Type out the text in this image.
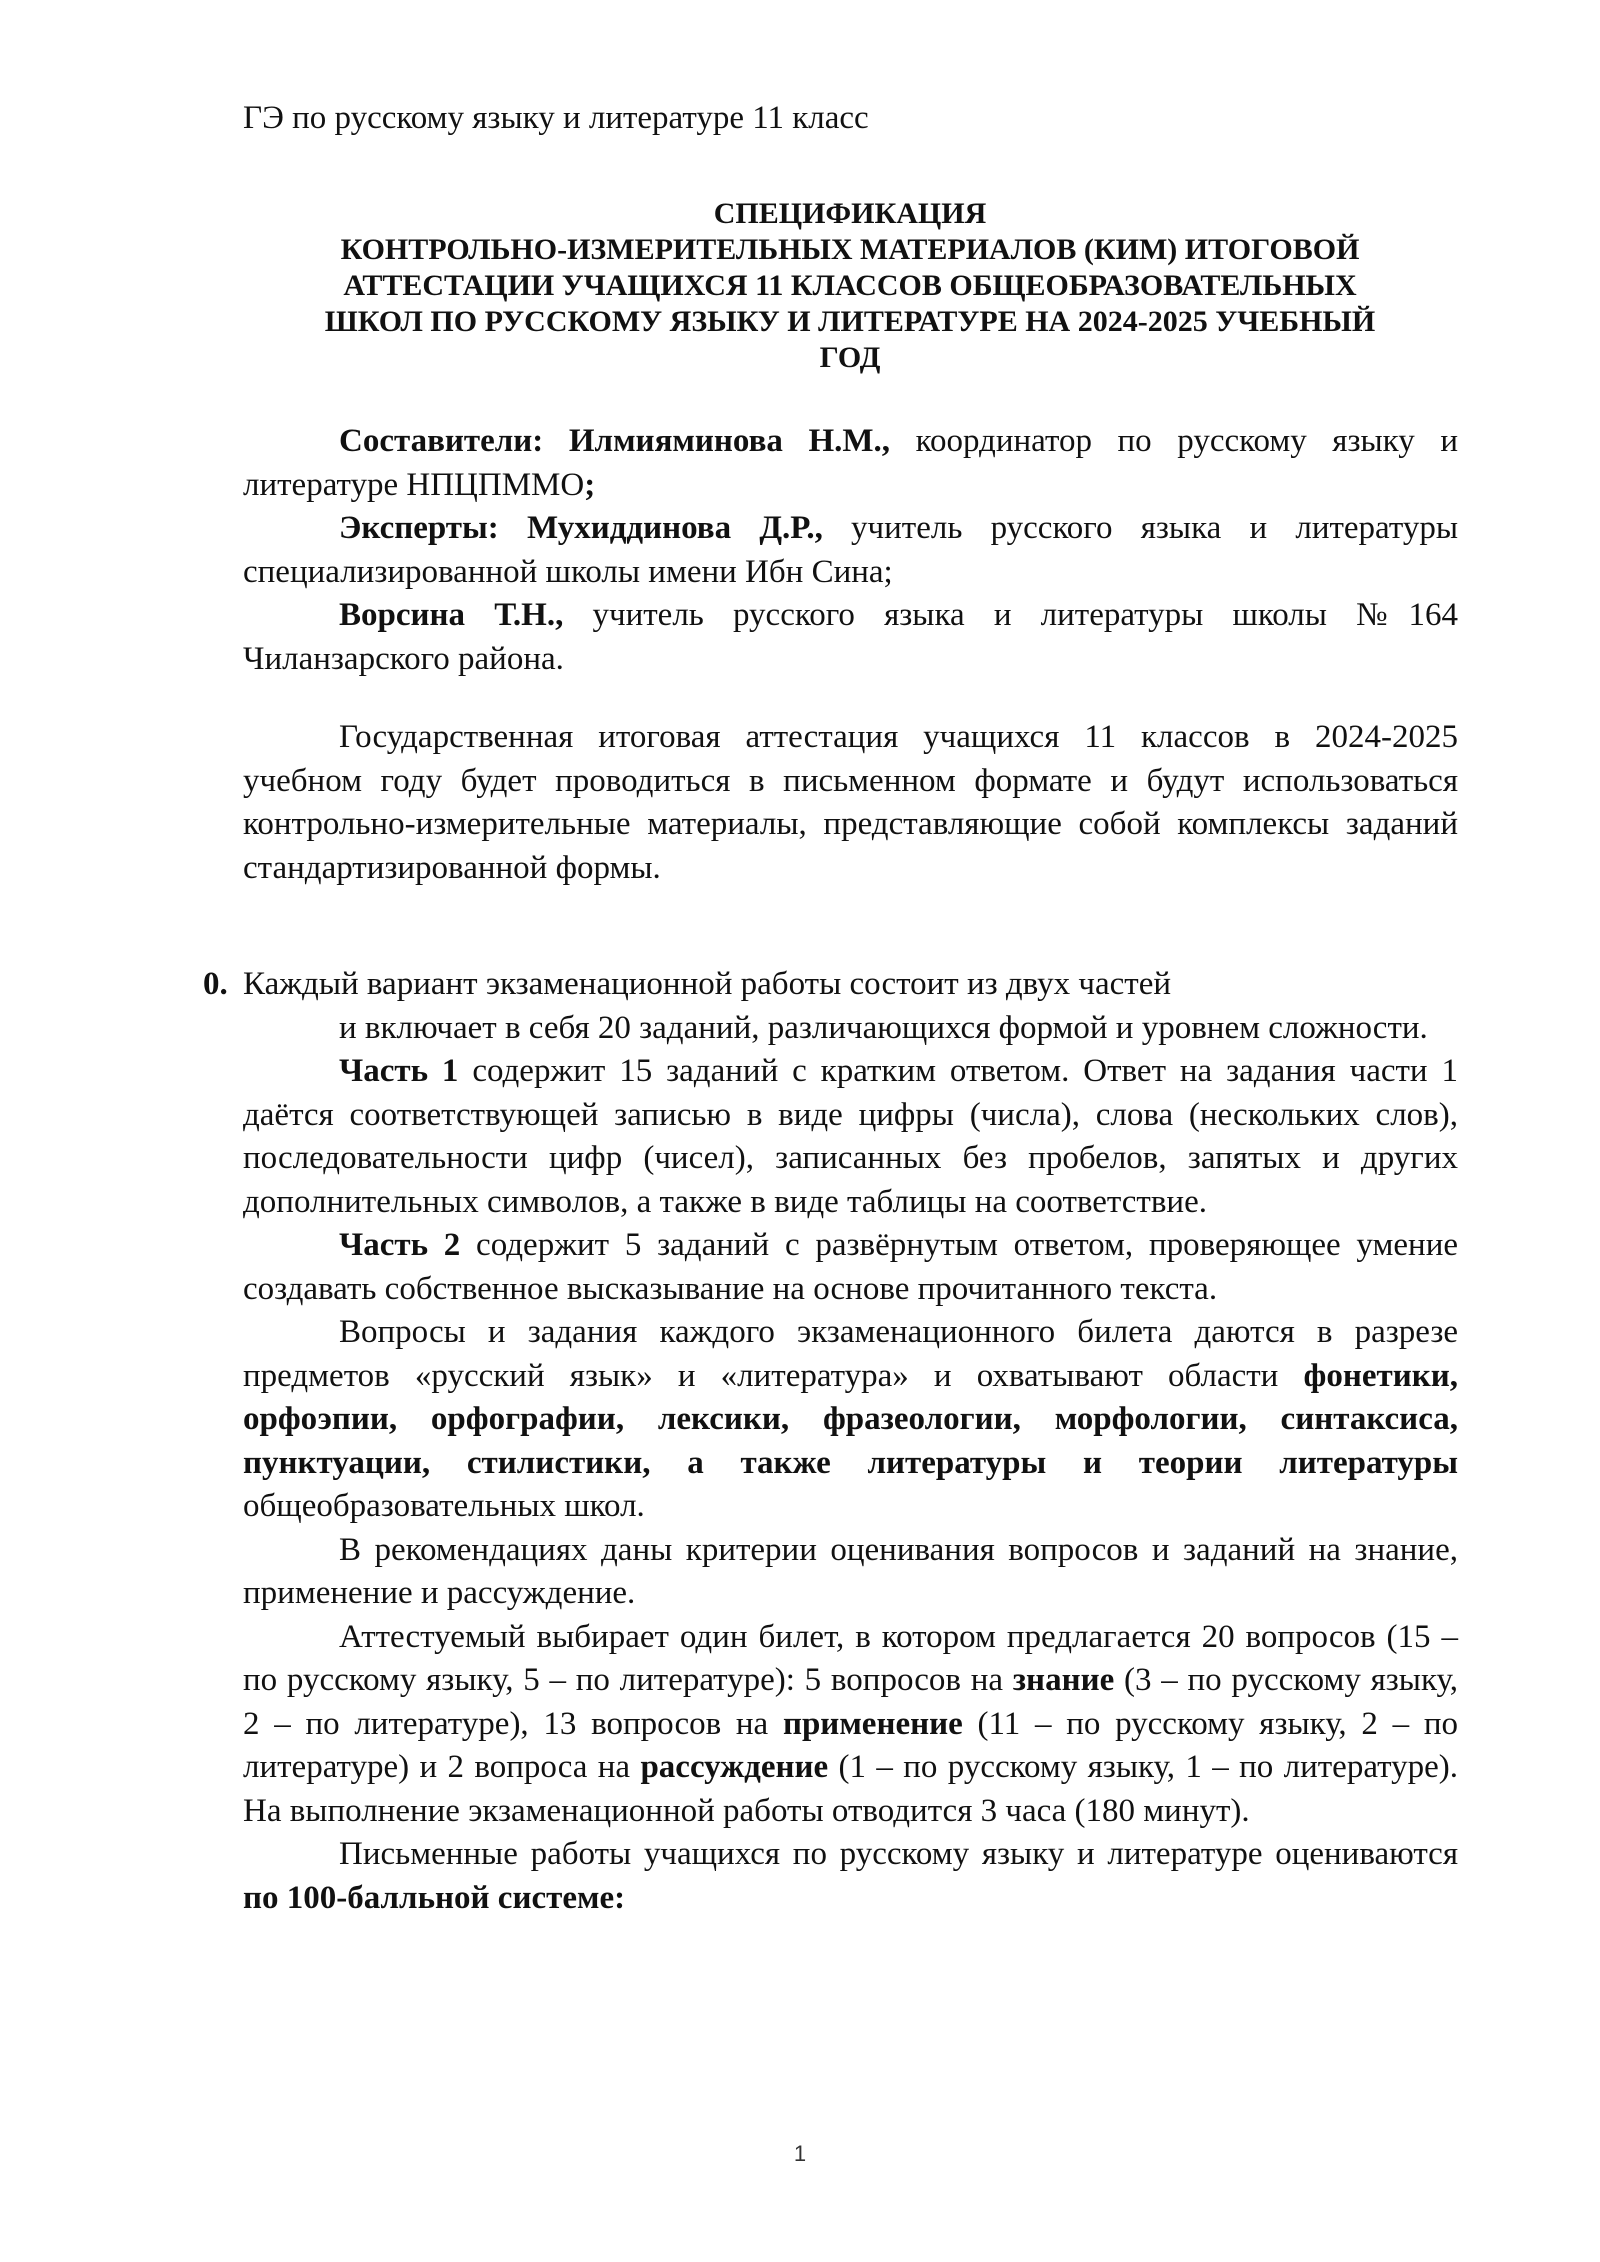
ГЭ по русскому языку и литературе 11 класс
СПЕЦИФИКАЦИЯ
КОНТРОЛЬНО-ИЗМЕРИТЕЛЬНЫХ МАТЕРИАЛОВ (КИМ) ИТОГОВОЙ
АТТЕСТАЦИИ УЧАЩИХСЯ 11 КЛАССОВ ОБЩЕОБРАЗОВАТЕЛЬНЫХ
ШКОЛ ПО РУССКОМУ ЯЗЫКУ И ЛИТЕРАТУРЕ НА 2024-2025 УЧЕБНЫЙ
ГОД

Составители: Илмияминова Н.М., координатор по русскому языку и литературе НПЦПММО;

Эксперты: Мухиддинова Д.Р., учитель русского языка и литературы специализированной школы имени Ибн Сина;

Ворсина Т.Н., учитель русского языка и литературы школы №164 Чиланзарского района.

Государственная итоговая аттестация учащихся 11 классов в 2024-2025 учебном году будет проводиться в письменном формате и будут использоваться контрольно-измерительные материалы, представляющие собой комплексы заданий стандартизированной формы.

0. Каждый вариант экзаменационной работы состоит из двух частей

и включает в себя 20 заданий, различающихся формой и уровнем сложности.

Часть 1 содержит 15 заданий с кратким ответом. Ответ на задания части 1 даётся соответствующей записью в виде цифры (числа), слова (нескольких слов), последовательности цифр (чисел), записанных без пробелов, запятых и других дополнительных символов, а также в виде таблицы на соответствие.

Часть 2 содержит 5 заданий с развёрнутым ответом, проверяющее умение создавать собственное высказывание на основе прочитанного текста.

Вопросы и задания каждого экзаменационного билета даются в разрезе предметов «русский язык» и «литература» и охватывают области фонетики, орфоэпии, орфографии, лексики, фразеологии, морфологии, синтаксиса, пунктуации, стилистики, а также литературы и теории литературы общеобразовательных школ.

В рекомендациях даны критерии оценивания вопросов и заданий на знание, применение и рассуждение.

Аттестуемый выбирает один билет, в котором предлагается 20 вопросов (15 – по русскому языку, 5 – по литературе): 5 вопросов на знание (3 – по русскому языку, 2 – по литературе), 13 вопросов на применение (11 – по русскому языку, 2 – по литературе) и 2 вопроса на рассуждение (1 – по русскому языку, 1 – по литературе). На выполнение экзаменационной работы отводится 3 часа (180 минут).

Письменные работы учащихся по русскому языку и литературе оцениваются по 100-балльной системе:

1
